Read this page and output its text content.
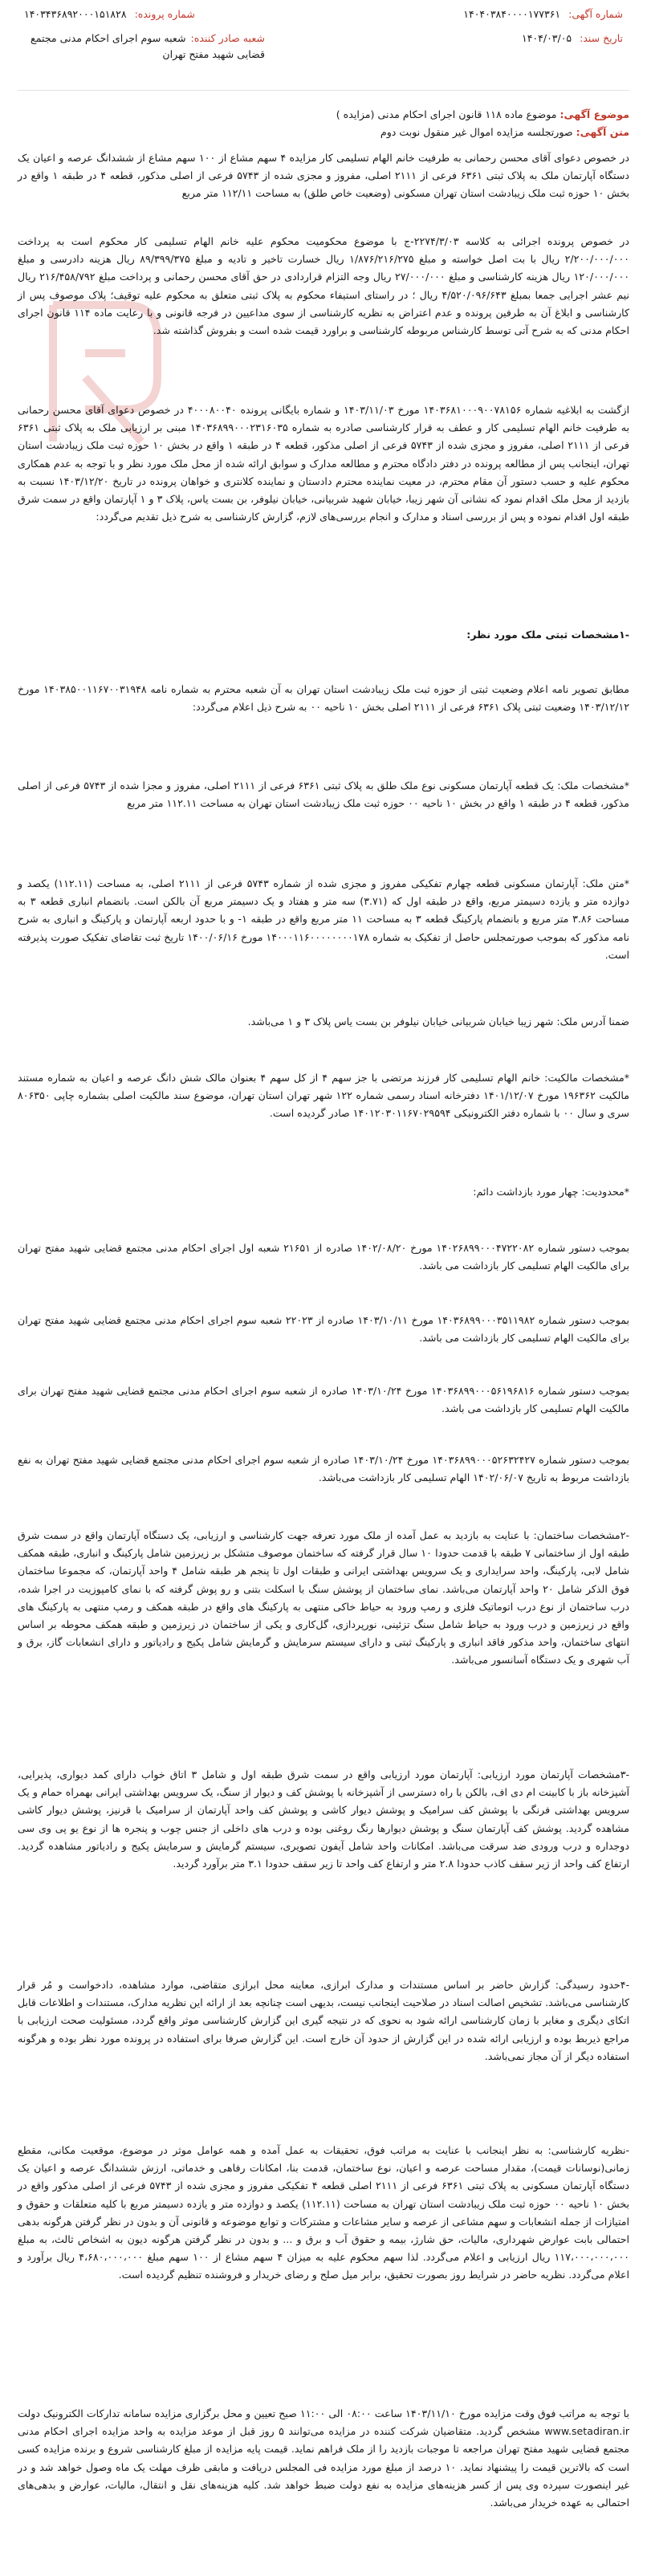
شماره آگهی: ۱۴۰۴۰۳۸۴۰۰۰۰۱۷۷۳۶۱
تاریخ سند: ۱۴۰۴/۰۳/۰۵
شماره پرونده: ۱۴۰۳۴۳۶۸۹۲۰۰۰۱۵۱۸۲۸
شعبه صادر کننده:شعبه سوم اجرای احکام مدنی مجتمع قضایی شهید مفتح تهران
موضوع آگهی: موضوع ماده ۱۱۸ قانون اجرای احکام مدنی (مزایده )
متن آگهی: صورتجلسه مزایده اموال غیر منقول نوبت دوم
در خصوص دعوای آقای محسن رحمانی به طرفیت خانم الهام تسلیمی کار مزایده ۴ سهم مشاع از ۱۰۰ سهم مشاع از ششدانگ عرصه و اعیان یک دستگاه آپارتمان ملک به پلاک ثبتی ۶۳۶۱ فرعی از ۲۱۱۱ اصلی، مفروز و مجزی شده از ۵۷۴۳ فرعی از اصلی مذکور، قطعه ۴ در طبقه ۱ واقع در بخش ۱۰ حوزه ثبت ملک زیبادشت استان تهران مسکونی (وضعیت خاص طلق) به مساحت ۱۱۲/۱۱ متر مربع
در خصوص پرونده اجرائی به کلاسه ۲۲۷۴/۳/۰۳-ج با موضوع محکومیت محکوم علیه خانم الهام تسلیمی کار محکوم است به پرداخت ۲/۲۰۰/۰۰۰/۰۰۰ ریال با بت اصل خواسته و مبلغ ۱/۸۷۶/۲۱۶/۲۷۵ ریال خسارت تاخیر و تادیه و مبلغ ۸۹/۳۹۹/۳۷۵ ریال هزینه دادرسی و مبلغ ۱۲۰/۰۰۰/۰۰۰ ریال هزینه کارشناسی و مبلغ ۲۷/۰۰۰/۰۰۰ ریال وجه التزام قراردادی در حق آقای محسن رحمانی و پرداخت مبلغ ۲۱۶/۴۵۸/۷۹۲ ریال نیم عشر اجرایی جمعا بمبلغ ۴/۵۲۰/۰۹۶/۶۴۳ ریال ؛ در راستای استیفاء محکوم به پلاک ثبتی متعلق به محکوم علیه توقیف؛ پلاک موصوف پس از کارشناسی و ابلاغ آن به طرفین پرونده و عدم اعتراض به نظریه کارشناسی از سوی مداعیین در فرجه قانونی و با رعایت ماده ۱۱۴ قانون اجرای احکام مدنی که به شرح آتی توسط کارشناس مربوطه کارشناسی و براورد قیمت شده است و بفروش گذاشته شد.
ازگشت به ابلاغیه شماره ۱۴۰۳۶۸۱۰۰۰۹۰۰۷۸۱۵۶ مورخ ۱۴۰۳/۱۱/۰۳ و شماره بایگانی پرونده ۴۰۰۰۸۰۰۴۰ در خصوص دعوای آقای محسن رحمانی به طرفیت خانم الهام تسلیمی کار و عطف به قرار کارشناسی صادره به شماره ۱۴۰۳۶۸۹۹۰۰۰۲۳۱۶۰۳۵ مبنی بر ارزیابی ملک به پلاک ثبتی ۶۳۶۱ فرعی از ۲۱۱۱ اصلی، مفروز و مجزی شده از ۵۷۴۳ فرعی از اصلی مذکور، قطعه ۴ در طبقه ۱ واقع در بخش ۱۰ حوزه ثبت ملک زیبادشت استان تهران، اینجانب پس از مطالعه پرونده در دفتر دادگاه محترم و مطالعه مدارک و سوابق ارائه شده از محل ملک مورد نظر و با توجه به عدم همکاری محکوم علیه و حسب دستور آن مقام محترم، در معیت نماینده محترم دادستان و نماینده کلانتری و خواهان پرونده در تاریخ ۱۴۰۳/۱۲/۲۰ نسبت به بازدید از محل ملک اقدام نمود که نشانی آن شهر زیبا، خیابان شهید شربیانی، خیابان نیلوفر، بن بست یاس، پلاک ۳ و ۱ آپارتمان واقع در سمت شرق طبقه اول اقدام نموده و پس از بررسی اسناد و مدارک و انجام بررسی‌های لازم، گزارش کارشناسی به شرح ذیل تقدیم می‌گردد:
-۱مشخصات ثبتی ملک مورد نظر:
مطابق تصویر نامه اعلام وضعیت ثبتی از حوزه ثبت ملک زیبادشت استان تهران به آن شعبه محترم به شماره نامه ۱۴۰۳۸۵۰۰۱۱۶۷۰۰۳۱۹۴۸ مورخ ۱۴۰۳/۱۲/۱۲ وضعیت ثبتی پلاک ۶۳۶۱ فرعی از ۲۱۱۱ اصلی بخش ۱۰ ناحیه ۰۰ به شرح ذیل اعلام می‌گردد:
*مشخصات ملک: یک قطعه آپارتمان مسکونی نوع ملک طلق به پلاک ثبتی ۶۳۶۱ فرعی از ۲۱۱۱ اصلی، مفروز و مجزا شده از ۵۷۴۳ فرعی از اصلی مذکور، قطعه ۴ در طبقه ۱ واقع در بخش ۱۰ ناحیه ۰۰ حوزه ثبت ملک زیبادشت استان تهران به مساحت ۱۱۲.۱۱ متر مربع
*متن ملک: آپارتمان مسکونی قطعه چهارم تفکیکی مفروز و مجزی شده از شماره ۵۷۴۳ فرعی از ۲۱۱۱ اصلی، به مساحت (۱۱۲.۱۱) یکصد و دوازده متر و یازده دسیمتر مربع، واقع در طبقه اول که (۳.۷۱) سه متر و هفتاد و یک دسیمتر مربع آن بالکن است. بانضمام انباری قطعه ۳ به مساحت ۳.۸۶ متر مربع و بانضمام پارکینگ قطعه ۳ به مساحت ۱۱ متر مربع واقع در طبقه ۱- و با حدود اربعه آپارتمان و پارکینگ و انباری به شرح نامه مذکور که بموجب صورتمجلس حاصل از تفکیک به شماره ۱۴۰۰۰۱۱۶۰۰۰۰۰۰۰۰۱۷۸ مورخ ۱۴۰۰/۰۶/۱۶ تاریخ ثبت تقاضای تفکیک صورت پذیرفته است.
ضمنا آدرس ملک: شهر زیبا خیابان شربیانی خیابان نیلوفر بن بست یاس پلاک ۳ و ۱ می‌باشد.
*مشخصات مالکیت: خانم الهام تسلیمی کار فرزند مرتضی با جز سهم ۴ از کل سهم ۴ بعنوان مالک شش دانگ عرصه و اعیان به شماره مستند مالکیت ۱۹۶۳۶۲ مورخ ۱۴۰۱/۱۲/۰۷ دفترخانه اسناد رسمی شماره ۱۲۲ شهر تهران استان تهران، موضوع سند مالکیت اصلی بشماره چاپی ۸۰۶۳۵۰ سری و سال ۰۰ با شماره دفتر الکترونیکی ۱۴۰۱۲۰۳۰۱۱۶۷۰۲۹۵۹۴ صادر گردیده است.
*محدودیت: چهار مورد بازداشت دائم:
بموجب دستور شماره ۱۴۰۲۶۸۹۹۰۰۰۴۷۲۲۰۸۲ مورخ ۱۴۰۲/۰۸/۲۰ صادره از ۲۱۶۵۱ شعبه اول اجرای احکام مدنی مجتمع قضایی شهید مفتح تهران برای مالکیت الهام تسلیمی کار بازداشت می باشد.
بموجب دستور شماره ۱۴۰۳۶۸۹۹۰۰۰۳۵۱۱۹۸۲ مورخ ۱۴۰۳/۱۰/۱۱ صادره از ۲۲۰۲۳ شعبه سوم اجرای احکام مدنی مجتمع قضایی شهید مفتح تهران برای مالکیت الهام تسلیمی کار بازداشت می باشد.
بموجب دستور شماره ۱۴۰۳۶۸۹۹۰۰۰۵۶۱۹۶۸۱۶ مورخ ۱۴۰۳/۱۰/۲۴ صادره از شعبه سوم اجرای احکام مدنی مجتمع قضایی شهید مفتح تهران برای مالکیت الهام تسلیمی کار بازداشت می باشد.
بموجب دستور شماره ۱۴۰۳۶۸۹۹۰۰۰۵۲۶۳۲۴۲۷ مورخ ۱۴۰۳/۱۰/۲۴ صادره از شعبه سوم اجرای احکام مدنی مجتمع قضایی شهید مفتح تهران به نفع بازداشت مربوط به تاریخ ۱۴۰۲/۰۶/۰۷ الهام تسلیمی کار بازداشت می‌باشد.
-۲مشخصات ساختمان: با عنایت به بازدید به عمل آمده از ملک مورد تعرفه جهت کارشناسی و ارزیابی، یک دستگاه آپارتمان واقع در سمت شرق طبقه اول از ساختمانی ۷ طبقه با قدمت حدودا ۱۰ سال قرار گرفته که ساختمان موصوف متشکل بر زیرزمین شامل پارکینگ و انباری، طبقه همکف شامل لابی، پارکینگ، واحد سرایداری و یک سرویس بهداشتی ایرانی و طبقات اول تا پنجم هر طبقه شامل ۴ واحد آپارتمان، که مجموعا ساختمان فوق الذکر شامل ۲۰ واحد آپارتمان می‌باشد. نمای ساختمان از پوشش سنگ با اسکلت بتنی و رو پوش گرفته که با نمای کامپوزیت در اجرا شده، درب ساختمان از نوع درب اتوماتیک فلزی و رمپ ورود به حیاط خاکی منتهی به پارکینگ های واقع در طبقه همکف و رمپ منتهی به پارکینگ های واقع در زیرزمین و درب ورود به حیاط شامل سنگ تزئینی، نورپردازی، گل‌کاری و یکی از ساختمان در زیرزمین و طبقه همکف محوطه بر اساس انتهای ساختمان، واحد مذکور فاقد انباری و پارکینگ ثبتی و دارای سیستم سرمایش و گرمایش شامل پکیج و رادیاتور و دارای انشعابات گاز، برق و آب شهری و یک دستگاه آسانسور می‌باشد.
-۳مشخصات آپارتمان مورد ارزیابی: آپارتمان مورد ارزیابی واقع در سمت شرق طبقه اول و شامل ۳ اتاق خواب دارای کمد دیواری، پذیرایی، آشپزخانه باز با کابینت ام دی اف، بالکن با راه دسترسی از آشپزخانه با پوشش کف و دیوار از سنگ، یک سرویس بهداشتی ایرانی بهمراه حمام و یک سرویس بهداشتی فرنگی با پوشش کف سرامیک و پوشش دیوار کاشی و پوشش کف واحد آپارتمان از سرامیک با قرنیز، پوشش دیوار کاشی مشاهده گردید. پوشش کف آپارتمان سنگ و پوشش دیوارها رنگ روغنی بوده و درب های داخلی از جنس چوب و پنجره ها از نوع یو پی وی سی دوجداره و درب ورودی ضد سرقت می‌باشد. امکانات واحد شامل آیفون تصویری، سیستم گرمایش و سرمایش پکیج و رادیاتور مشاهده گردید. ارتفاع کف واحد از زیر سقف کاذب حدودا ۲.۸ متر و ارتفاع کف واحد تا زیر سقف حدودا ۳.۱ متر برآورد گردید.
-۴حدود رسیدگی: گزارش حاضر بر اساس مستندات و مدارک ابرازی، معاینه محل ابرازی متقاضی، موارد مشاهده، دادخواست و مُر قرار کارشناسی می‌باشد. تشخیص اصالت اسناد در صلاحیت اینجانب نیست، بدیهی است چنانچه بعد از ارائه این نظریه مدارک، مستندات و اطلاعات قابل اتکای دیگری و مغایر با زمان کارشناسی ارائه شود به نحوی که در نتیجه گیری این گزارش کارشناسی موثر واقع گردد، مسئولیت صحت ارزیابی با مراجع ذیربط بوده و ارزیابی ارائه شده در این گزارش از حدود آن خارج است. این گزارش صرفا برای استفاده در پرونده مورد نظر بوده و هرگونه استفاده دیگر از آن مجاز نمی‌باشد.
-نظریه کارشناسی: به نظر اینجانب با عنایت به مراتب فوق، تحقیقات به عمل آمده و همه عوامل موثر در موضوع، موقعیت مکانی، مقطع زمانی(نوسانات قیمت)، مقدار مساحت عرصه و اعیان، نوع ساختمان، قدمت بنا، امکانات رفاهی و خدماتی، ارزش ششدانگ عرصه و اعیان یک دستگاه آپارتمان مسکونی به پلاک ثبتی ۶۳۶۱ فرعی از ۲۱۱۱ اصلی قطعه ۴ تفکیکی مفروز و مجزی شده از ۵۷۴۳ فرعی از اصلی مذکور واقع در بخش ۱۰ ناحیه ۰۰ حوزه ثبت ملک زیبادشت استان تهران به مساحت (۱۱۲.۱۱) یکصد و دوازده متر و یازده دسیمتر مربع با کلیه متعلقات و حقوق و امتیازات از جمله انشعابات و سهم مشاعی از عرصه و سایر مشاعات و مشترکات و توابع موضوعه و قانونی آن و بدون در نظر گرفتن هرگونه بدهی احتمالی بابت عوارض شهرداری، مالیات، حق شارژ، بیمه و حقوق آب و برق و ... و بدون در نظر گرفتن هرگونه دیون به اشخاص ثالث، به مبلغ ۱۱۷،۰۰۰،۰۰۰،۰۰۰ ریال ارزیابی و اعلام می‌گردد. لذا سهم محکوم علیه به میزان ۴ سهم مشاع از ۱۰۰ سهم مبلغ ۴،۶۸۰،۰۰۰،۰۰۰ ریال برآورد و اعلام می‌گردد. نظریه حاضر در شرایط روز بصورت تحقیق، برابر میل صلح و رضای خریدار و فروشنده تنظیم گردیده است.
با توجه به مراتب فوق وقت مزایده مورخ ۱۴۰۳/۱۱/۱۰ ساعت ۰۸:۰۰ الی ۱۱:۰۰ صبح تعیین و محل برگزاری مزایده سامانه تدارکات الکترونیک دولت www.setadiran.ir مشخص گردید. متقاضیان شرکت کننده در مزایده می‌توانند ۵ روز قبل از موعد مزایده به واحد مزایده اجرای احکام مدنی مجتمع قضایی شهید مفتح تهران مراجعه تا موجبات بازدید را از ملک فراهم نماید. قیمت پایه مزایده از مبلغ کارشناسی شروع و برنده مزایده کسی است که بالاترین قیمت را پیشنهاد نماید. ۱۰ درصد از مبلغ مورد مزایده فی المجلس دریافت و مابقی ظرف مهلت یک ماه وصول خواهد شد و در غیر اینصورت سپرده وی پس از کسر هزینه‌های مزایده به نفع دولت ضبط خواهد شد. کلیه هزینه‌های نقل و انتقال، مالیات، عوارض و بدهی‌های احتمالی به عهده خریدار می‌باشد.
